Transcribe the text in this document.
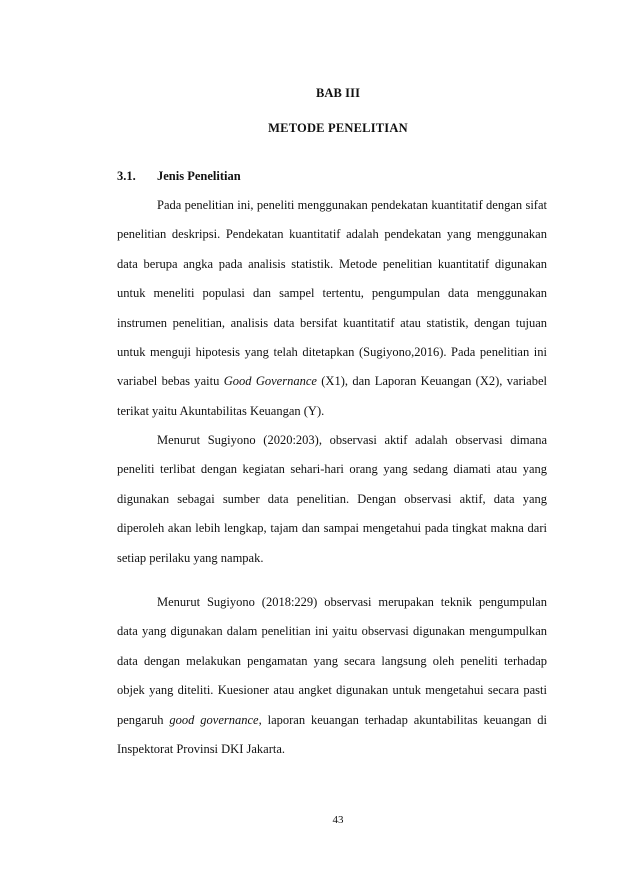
BAB III
METODE PENELITIAN
3.1. Jenis Penelitian

Pada penelitian ini, peneliti menggunakan pendekatan kuantitatif dengan sifat penelitian deskripsi. Pendekatan kuantitatif adalah pendekatan yang menggunakan data berupa angka pada analisis statistik. Metode penelitian kuantitatif digunakan untuk meneliti populasi dan sampel tertentu, pengumpulan data menggunakan instrumen penelitian, analisis data bersifat kuantitatif atau statistik, dengan tujuan untuk menguji hipotesis yang telah ditetapkan (Sugiyono,2016). Pada penelitian ini variabel bebas yaitu Good Governance (X1), dan Laporan Keuangan (X2), variabel terikat yaitu Akuntabilitas Keuangan (Y).

Menurut Sugiyono (2020:203), observasi aktif adalah observasi dimana peneliti terlibat dengan kegiatan sehari-hari orang yang sedang diamati atau yang digunakan sebagai sumber data penelitian. Dengan observasi aktif, data yang diperoleh akan lebih lengkap, tajam dan sampai mengetahui pada tingkat makna dari setiap perilaku yang nampak.

Menurut Sugiyono (2018:229) observasi merupakan teknik pengumpulan data yang digunakan dalam penelitian ini yaitu observasi digunakan mengumpulkan data dengan melakukan pengamatan yang secara langsung oleh peneliti terhadap objek yang diteliti. Kuesioner atau angket digunakan untuk mengetahui secara pasti pengaruh good governance, laporan keuangan terhadap akuntabilitas keuangan di Inspektorat Provinsi DKI Jakarta.

43
